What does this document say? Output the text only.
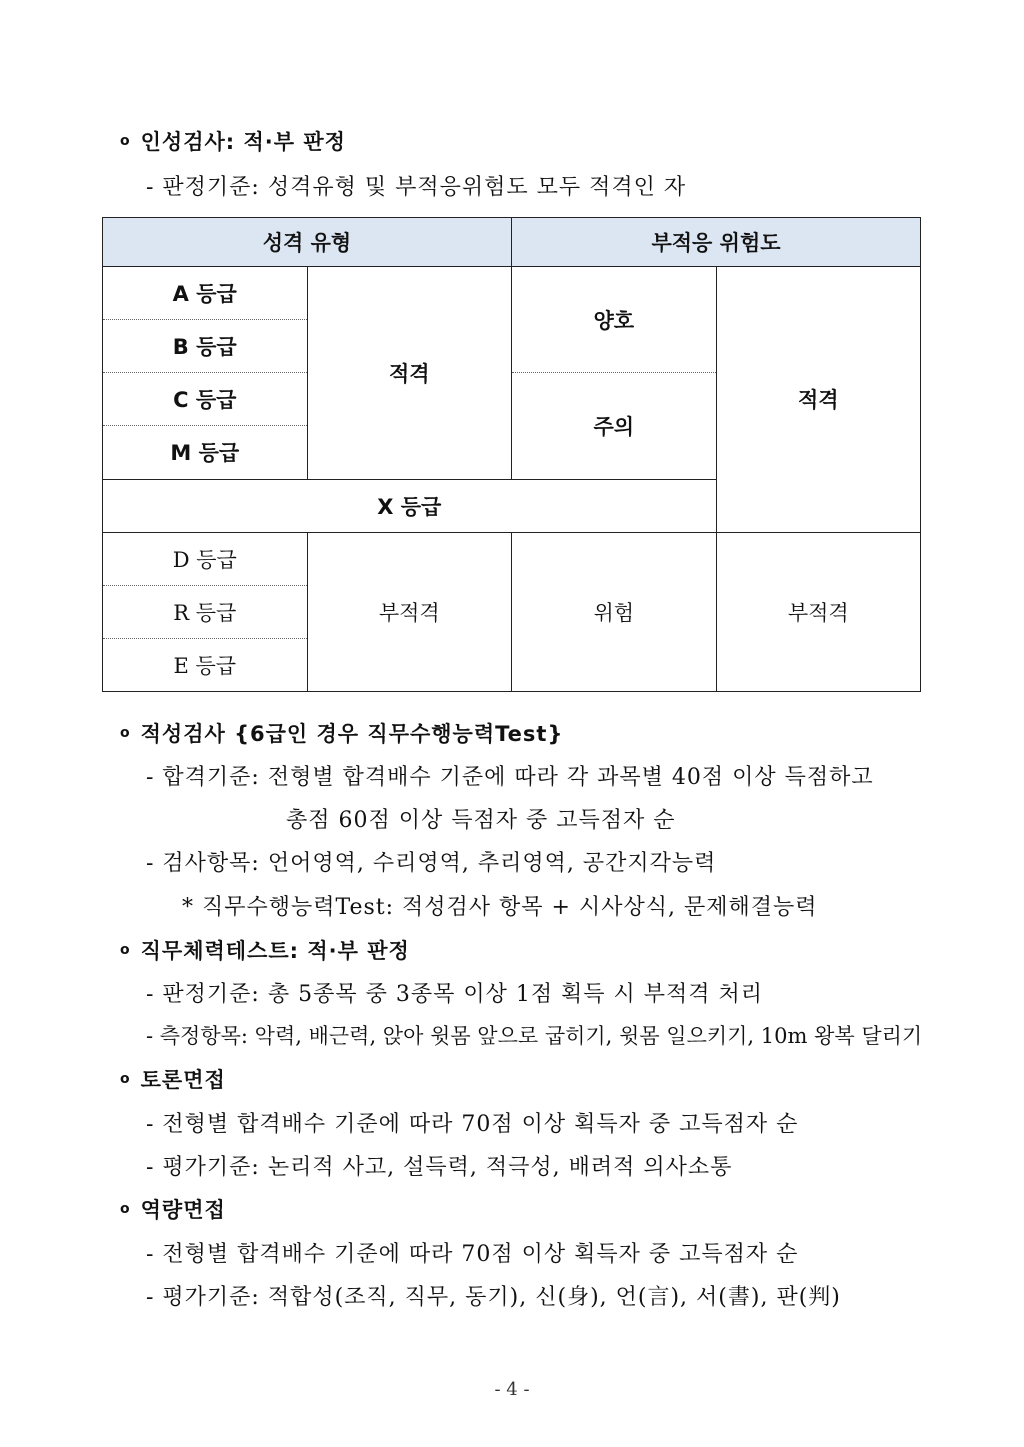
o 인성검사: 적·부 판정
- 판정기준: 성격유형 및 부적응위험도 모두 적격인 자
성격 유형		부적응 위험도	
A 등급	적격	양호	적격
B 등급			
C 등급		주의	
M 등급			
X 등급			
D 등급	부적격	위험	부적격
R 등급			
E 등급			
o 적성검사 {6급인 경우 직무수행능력Test}
- 합격기준: 전형별 합격배수 기준에 따라 각 과목별 40점 이상 득점하고
총점 60점 이상 득점자 중 고득점자 순
- 검사항목: 언어영역, 수리영역, 추리영역, 공간지각능력
* 직무수행능력Test: 적성검사 항목 + 시사상식, 문제해결능력
o 직무체력테스트: 적·부 판정
- 판정기준: 총 5종목 중 3종목 이상 1점 획득 시 부적격 처리
- 측정항목: 악력, 배근력, 앉아 윗몸 앞으로 굽히기, 윗몸 일으키기, 10m 왕복 달리기
o 토론면접
- 전형별 합격배수 기준에 따라 70점 이상 획득자 중 고득점자 순
- 평가기준: 논리적 사고, 설득력, 적극성, 배려적 의사소통
o 역량면접
- 전형별 합격배수 기준에 따라 70점 이상 획득자 중 고득점자 순
- 평가기준: 적합성(조직, 직무, 동기), 신(身), 언(言), 서(書), 판(判)
- 4 -
